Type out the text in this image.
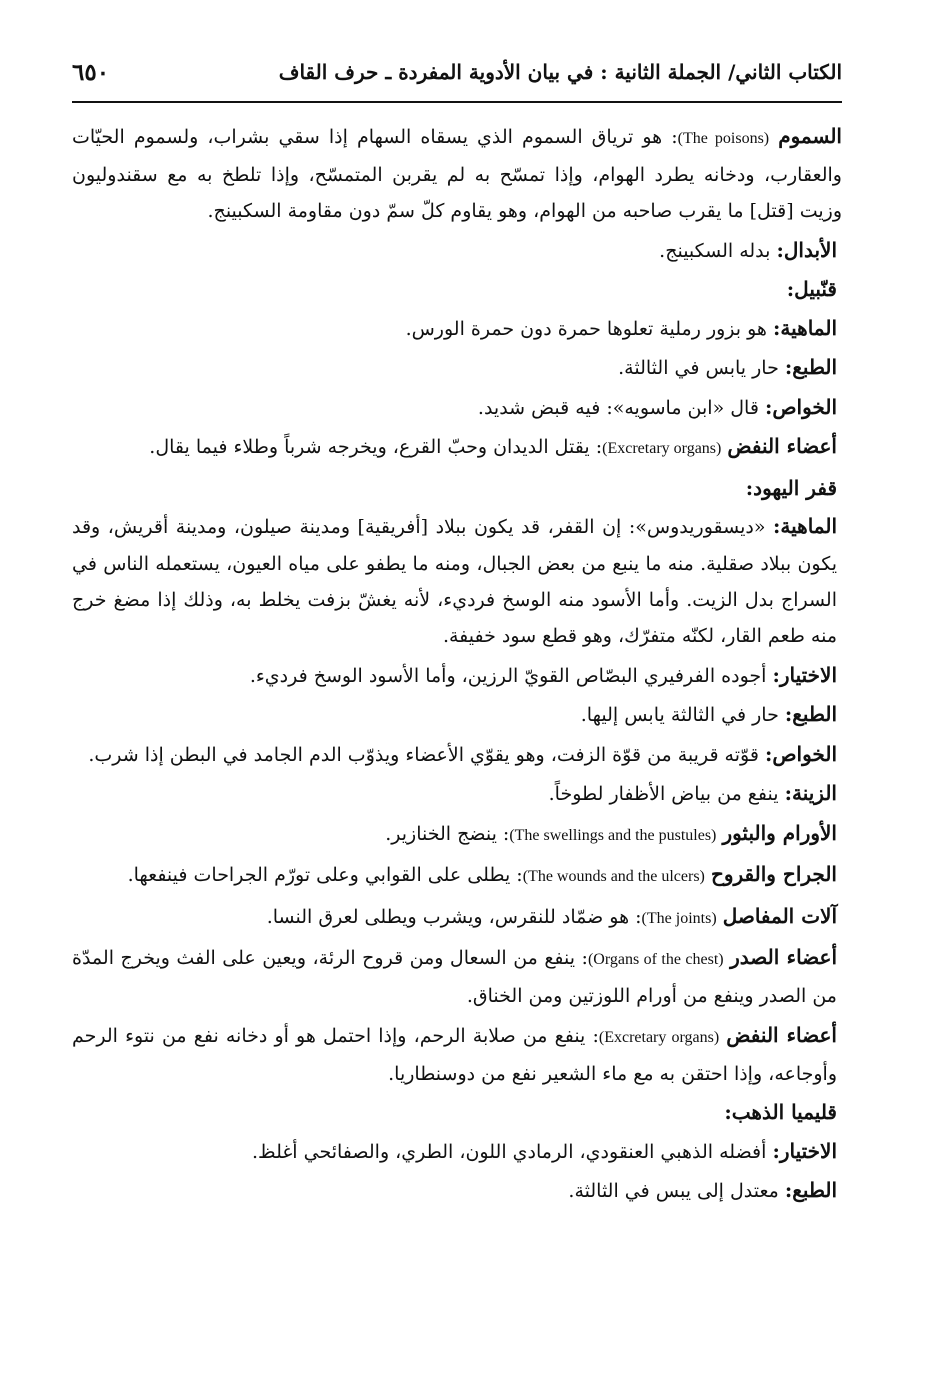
الكتاب الثاني/ الجملة الثانية : في بيان الأدوية المفردة ـ حرف القاف
٦٥٠

السموم (The poisons): هو ترياق السموم الذي يسقاه السهام إذا سقي بشراب، ولسموم الحيّات والعقارب، ودخانه يطرد الهوام، وإذا تمسّح به لم يقربن المتمسّح، وإذا تلطخ به مع سقندوليون وزيت [قتل] ما يقرب صاحبه من الهوام، وهو يقاوم كلّ سمّ دون مقاومة السكبينج.

الأبدال: بدله السكبينج.

قنّبيل:

الماهية: هو بزور رملية تعلوها حمرة دون حمرة الورس.

الطبع: حار يابس في الثالثة.

الخواص: قال «ابن ماسويه»: فيه قبض شديد.

أعضاء النفض (Excretary organs): يقتل الديدان وحبّ القرع، ويخرجه شرباً وطلاء فيما يقال.

قفر اليهود:

الماهية: «ديسقوريدوس»: إن القفر، قد يكون ببلاد [أفريقية] ومدينة صيلون، ومدينة أقريش، وقد يكون ببلاد صقلية. منه ما ينبع من بعض الجبال، ومنه ما يطفو على مياه العيون، يستعمله الناس في السراج بدل الزيت. وأما الأسود منه الوسخ فرديء، لأنه يغشّ بزفت يخلط به، وذلك إذا مضغ خرج منه طعم القار، لكنّه متفرّك، وهو قطع سود خفيفة.

الاختيار: أجوده الفرفيري البصّاص القويّ الرزين، وأما الأسود الوسخ فرديء.

الطبع: حار في الثالثة يابس إليها.

الخواص: قوّته قريبة من قوّة الزفت، وهو يقوّي الأعضاء ويذوّب الدم الجامد في البطن إذا شرب.

الزينة: ينفع من بياض الأظفار لطوخاً.

الأورام والبثور (The swellings and the pustules): ينضج الخنازير.

الجراح والقروح (The wounds and the ulcers): يطلى على القوابي وعلى تورّم الجراحات فينفعها.

آلات المفاصل (The joints): هو ضمّاد للنقرس، ويشرب ويطلى لعرق النسا.

أعضاء الصدر (Organs of the chest): ينفع من السعال ومن قروح الرئة، ويعين على الفث ويخرج المدّة من الصدر وينفع من أورام اللوزتين ومن الخناق.

أعضاء النفض (Excretary organs): ينفع من صلابة الرحم، وإذا احتمل هو أو دخانه نفع من نتوء الرحم وأوجاعه، وإذا احتقن به مع ماء الشعير نفع من دوسنطاريا.

قليميا الذهب:

الاختيار: أفضله الذهبي العنقودي، الرمادي اللون، الطري، والصفائحي أغلظ.

الطبع: معتدل إلى يبس في الثالثة.
